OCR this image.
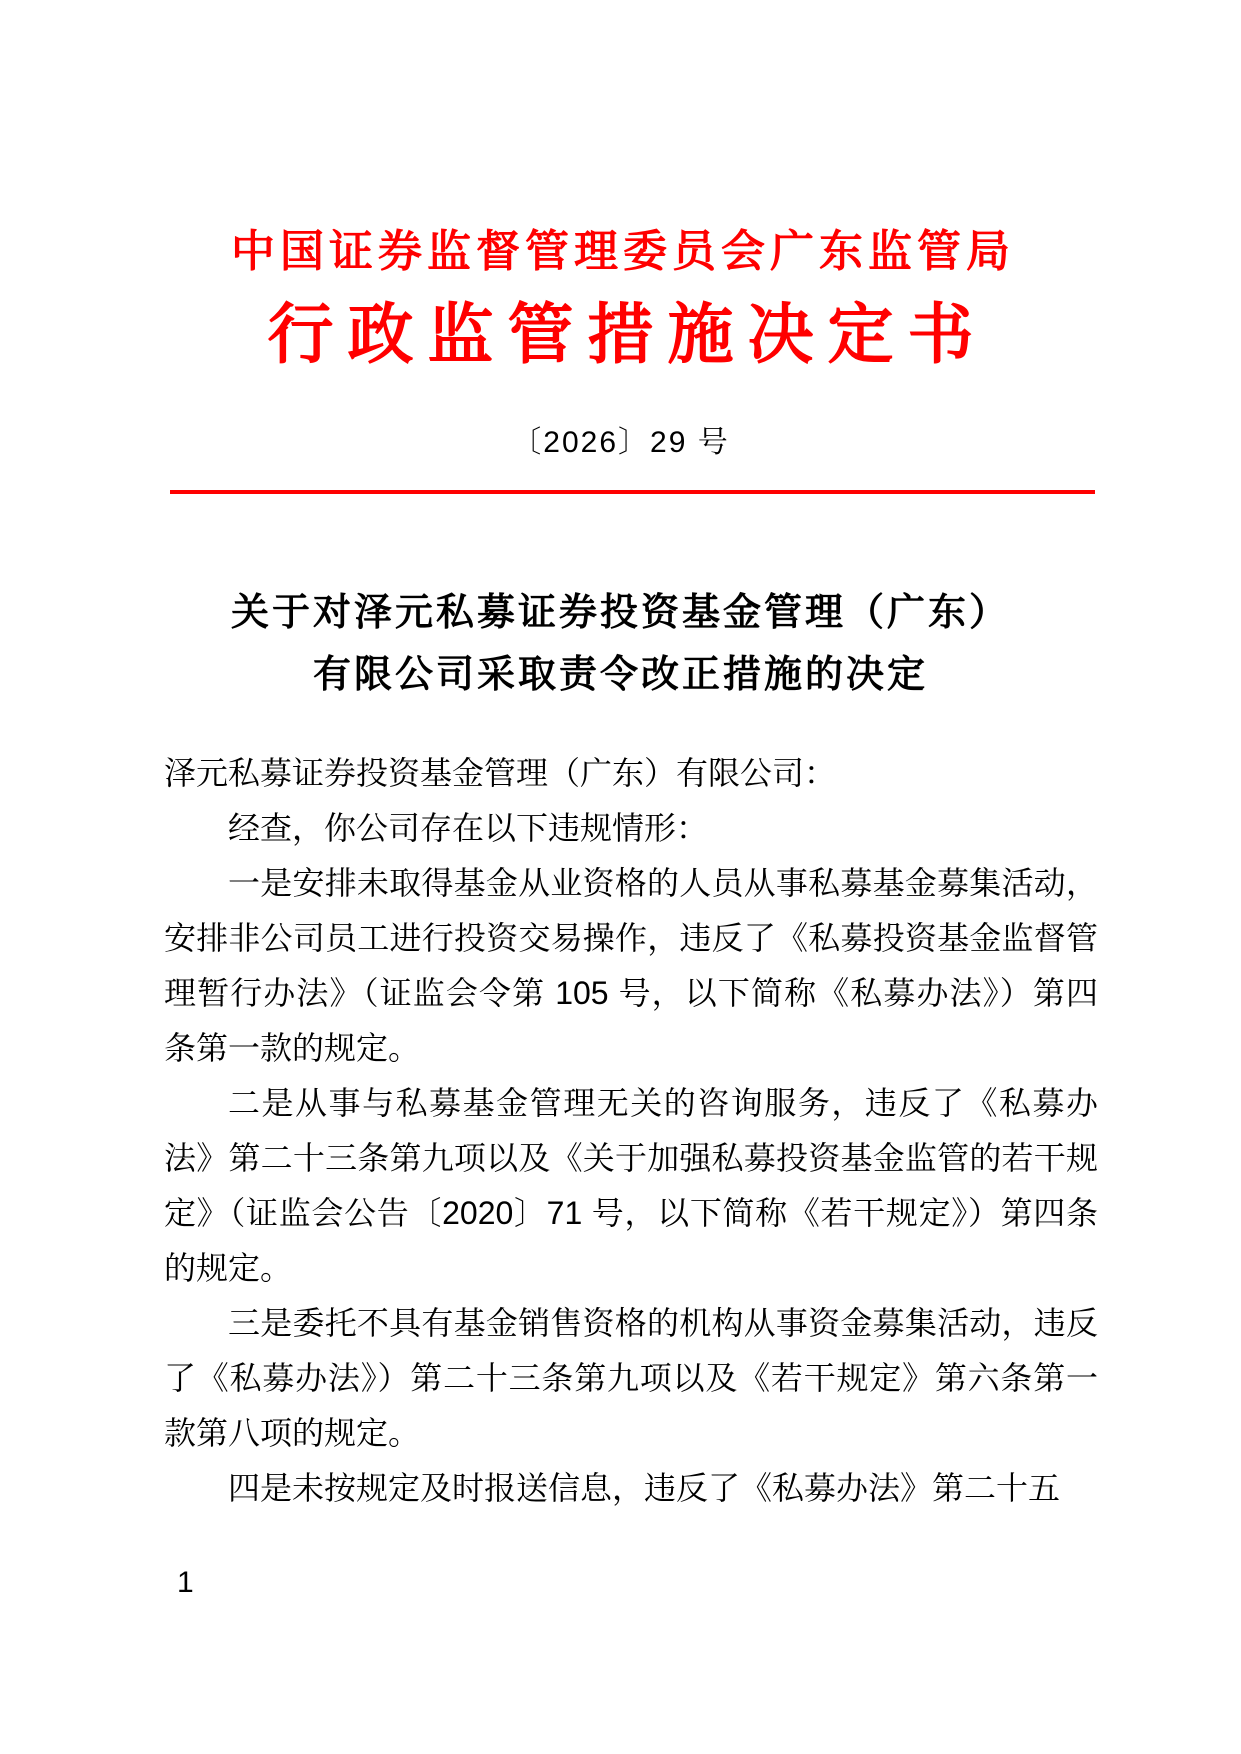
中国证券监督管理委员会广东监管局
行政监管措施决定书
〔2026〕29 号
关于对泽元私募证券投资基金管理（广东）
有限公司采取责令改正措施的决定

泽元私募证券投资基金管理（广东）有限公司：

经查，你公司存在以下违规情形：

一是安排未取得基金从业资格的人员从事私募基金募集活动，安排非公司员工进行投资交易操作，违反了《私募投资基金监督管理暂行办法》（证监会令第 105 号，以下简称《私募办法》）第四条第一款的规定。

二是从事与私募基金管理无关的咨询服务，违反了《私募办法》第二十三条第九项以及《关于加强私募投资基金监管的若干规定》（证监会公告〔2020〕71 号，以下简称《若干规定》）第四条的规定。

三是委托不具有基金销售资格的机构从事资金募集活动，违反了《私募办法》）第二十三条第九项以及《若干规定》第六条第一款第八项的规定。

四是未按规定及时报送信息，违反了《私募办法》第二十五

1
